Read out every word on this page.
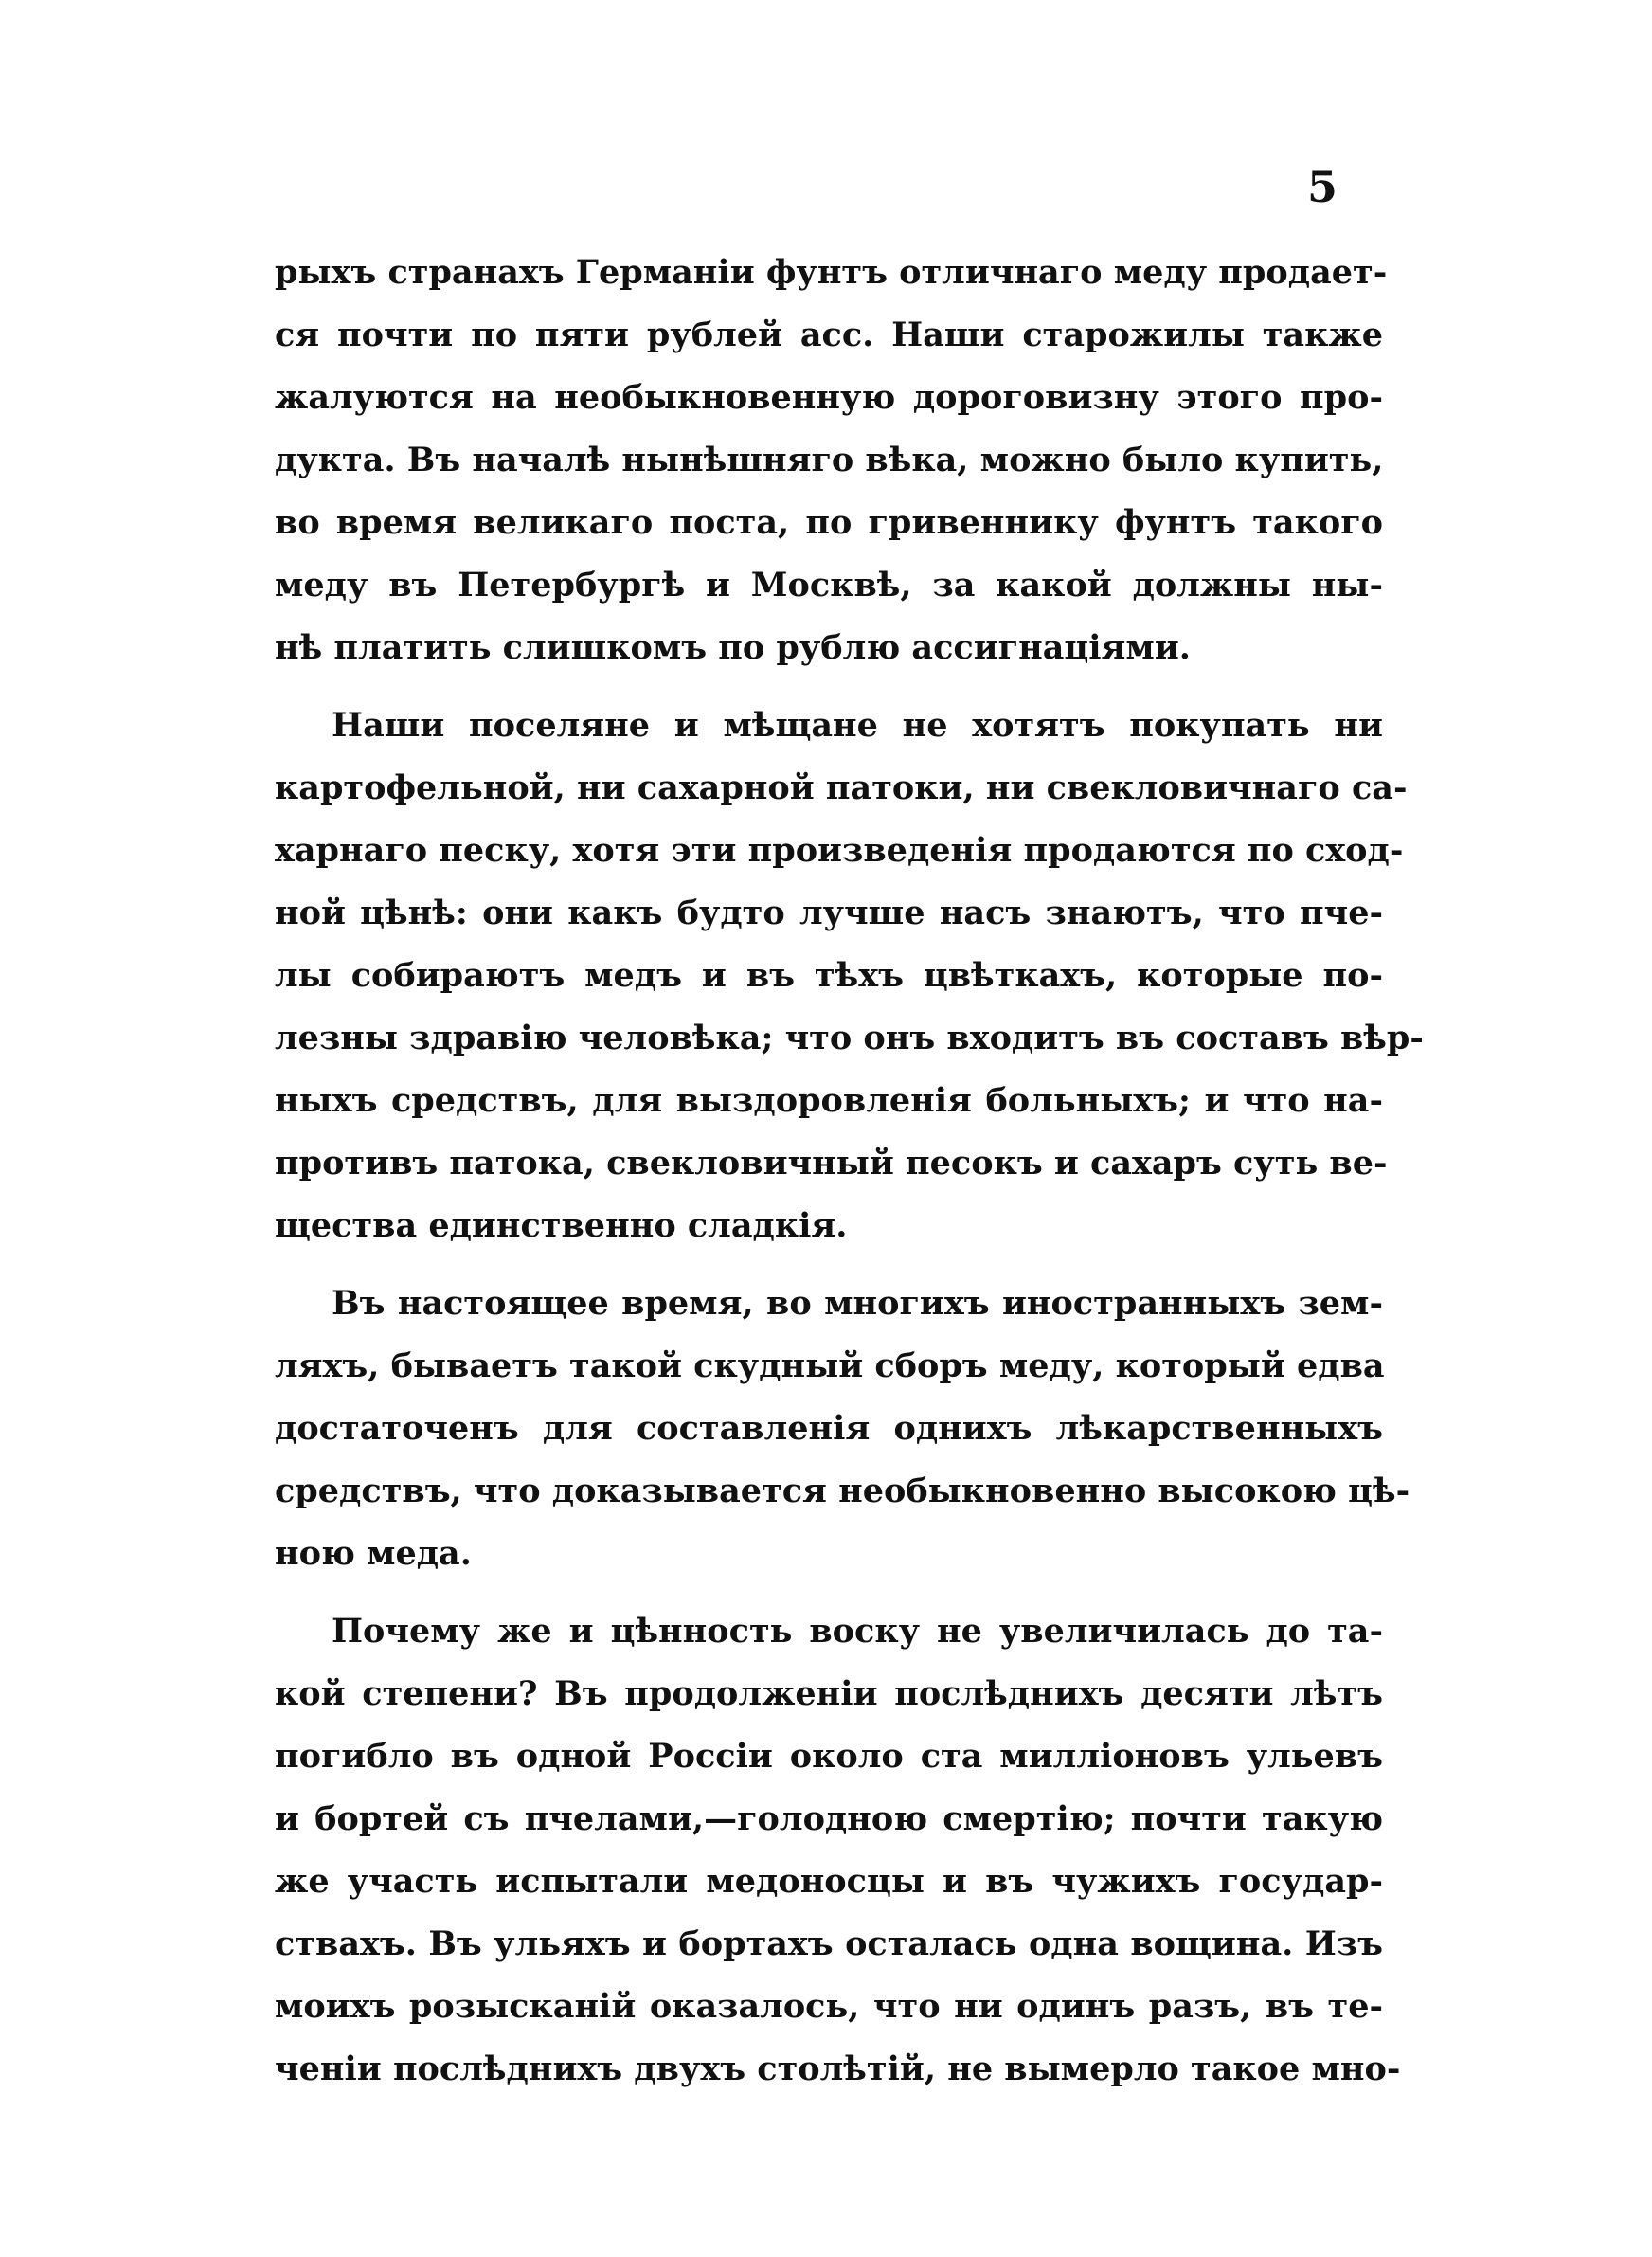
5
рыхъ странахъ Германіи фунтъ отличнаго меду продает-
ся почти по пяти рублей асс. Наши старожилы также
жалуются на необыкновенную дороговизну этого про-
дукта. Въ началѣ нынѣшняго вѣка, можно было купить,
во время великаго поста, по гривеннику фунтъ такого
меду въ Петербургѣ и Москвѣ, за какой должны ны-
нѣ платить слишкомъ по рублю ассигнаціями.
Наши поселяне и мѣщане не хотятъ покупать ни
картофельной, ни сахарной патоки, ни свекловичнаго са-
харнаго песку, хотя эти произведенія продаются по сход-
ной цѣнѣ: они какъ будто лучше насъ знаютъ, что пче-
лы собираютъ медъ и въ тѣхъ цвѣткахъ, которые по-
лезны здравію человѣка; что онъ входитъ въ составъ вѣр-
ныхъ средствъ, для выздоровленія больныхъ; и что на-
противъ патока, свекловичный песокъ и сахаръ суть ве-
щества единственно сладкія.
Въ настоящее время, во многихъ иностранныхъ зем-
ляхъ, бываетъ такой скудный сборъ меду, который едва
достаточенъ для составленія однихъ лѣкарственныхъ
средствъ, что доказывается необыкновенно высокою цѣ-
ною меда.
Почему же и цѣнность воску не увеличилась до та-
кой степени? Въ продолженіи послѣднихъ десяти лѣтъ
погибло въ одной Россіи около ста милліоновъ ульевъ
и бортей съ пчелами,—голодною смертію; почти такую
же участь испытали медоносцы и въ чужихъ государ-
ствахъ. Въ ульяхъ и бортахъ осталась одна вощина. Изъ
моихъ розысканій оказалось, что ни одинъ разъ, въ те-
ченіи послѣднихъ двухъ столѣтій, не вымерло такое мно-
